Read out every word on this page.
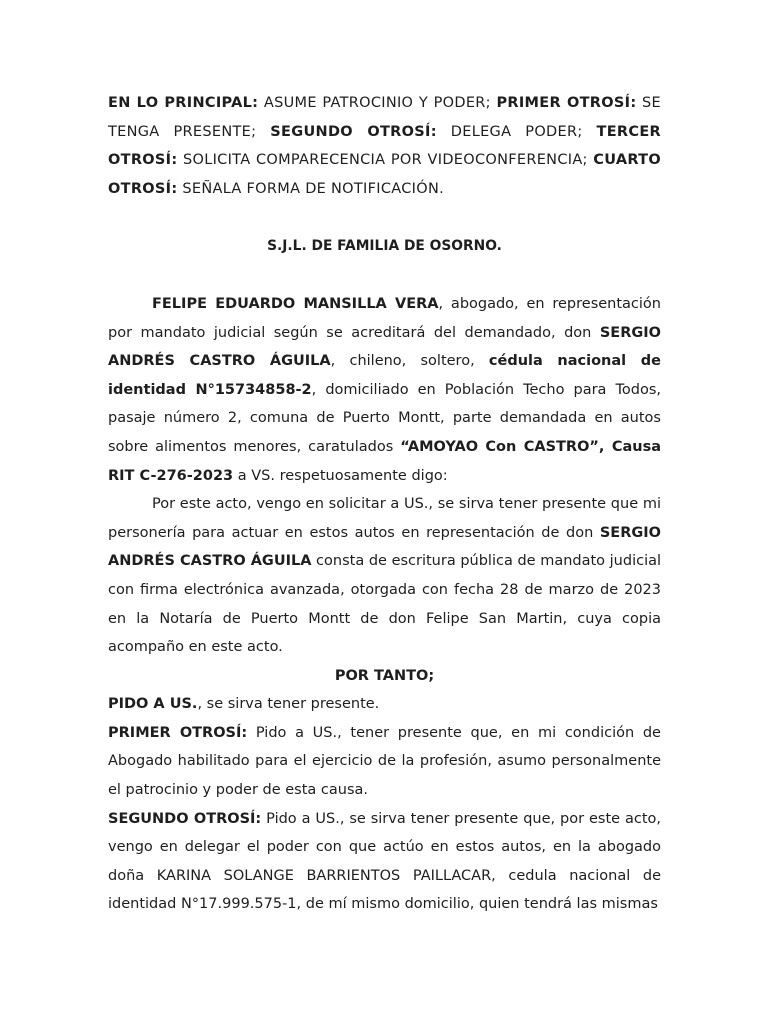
EN LO PRINCIPAL: ASUME PATROCINIO Y PODER; PRIMER OTROSÍ: SE TENGA PRESENTE; SEGUNDO OTROSÍ: DELEGA PODER; TERCER OTROSÍ: SOLICITA COMPARECENCIA POR VIDEOCONFERENCIA; CUARTO OTROSÍ: SEÑALA FORMA DE NOTIFICACIÓN.

S.J.L. DE FAMILIA DE OSORNO.

FELIPE EDUARDO MANSILLA VERA, abogado, en representación por mandato judicial según se acreditará del demandado, don SERGIO ANDRÉS CASTRO ÁGUILA, chileno, soltero, cédula nacional de identidad N°15734858-2, domiciliado en Población Techo para Todos, pasaje número 2, comuna de Puerto Montt, parte demandada en autos sobre alimentos menores, caratulados “AMOYAO Con CASTRO”, Causa RIT C-276-2023 a VS. respetuosamente digo:

Por este acto, vengo en solicitar a US., se sirva tener presente que mi personería para actuar en estos autos en representación de don SERGIO ANDRÉS CASTRO ÁGUILA consta de escritura pública de mandato judicial con firma electrónica avanzada, otorgada con fecha 28 de marzo de 2023 en la Notaría de Puerto Montt de don Felipe San Martin, cuya copia acompaño en este acto.

POR TANTO;

PIDO A US., se sirva tener presente.

PRIMER OTROSÍ: Pido a US., tener presente que, en mi condición de Abogado habilitado para el ejercicio de la profesión, asumo personalmente el patrocinio y poder de esta causa.

SEGUNDO OTROSÍ: Pido a US., se sirva tener presente que, por este acto, vengo en delegar el poder con que actúo en estos autos, en la abogado doña KARINA SOLANGE BARRIENTOS PAILLACAR, cedula nacional de identidad N°17.999.575-1, de mí mismo domicilio, quien tendrá las mismas
